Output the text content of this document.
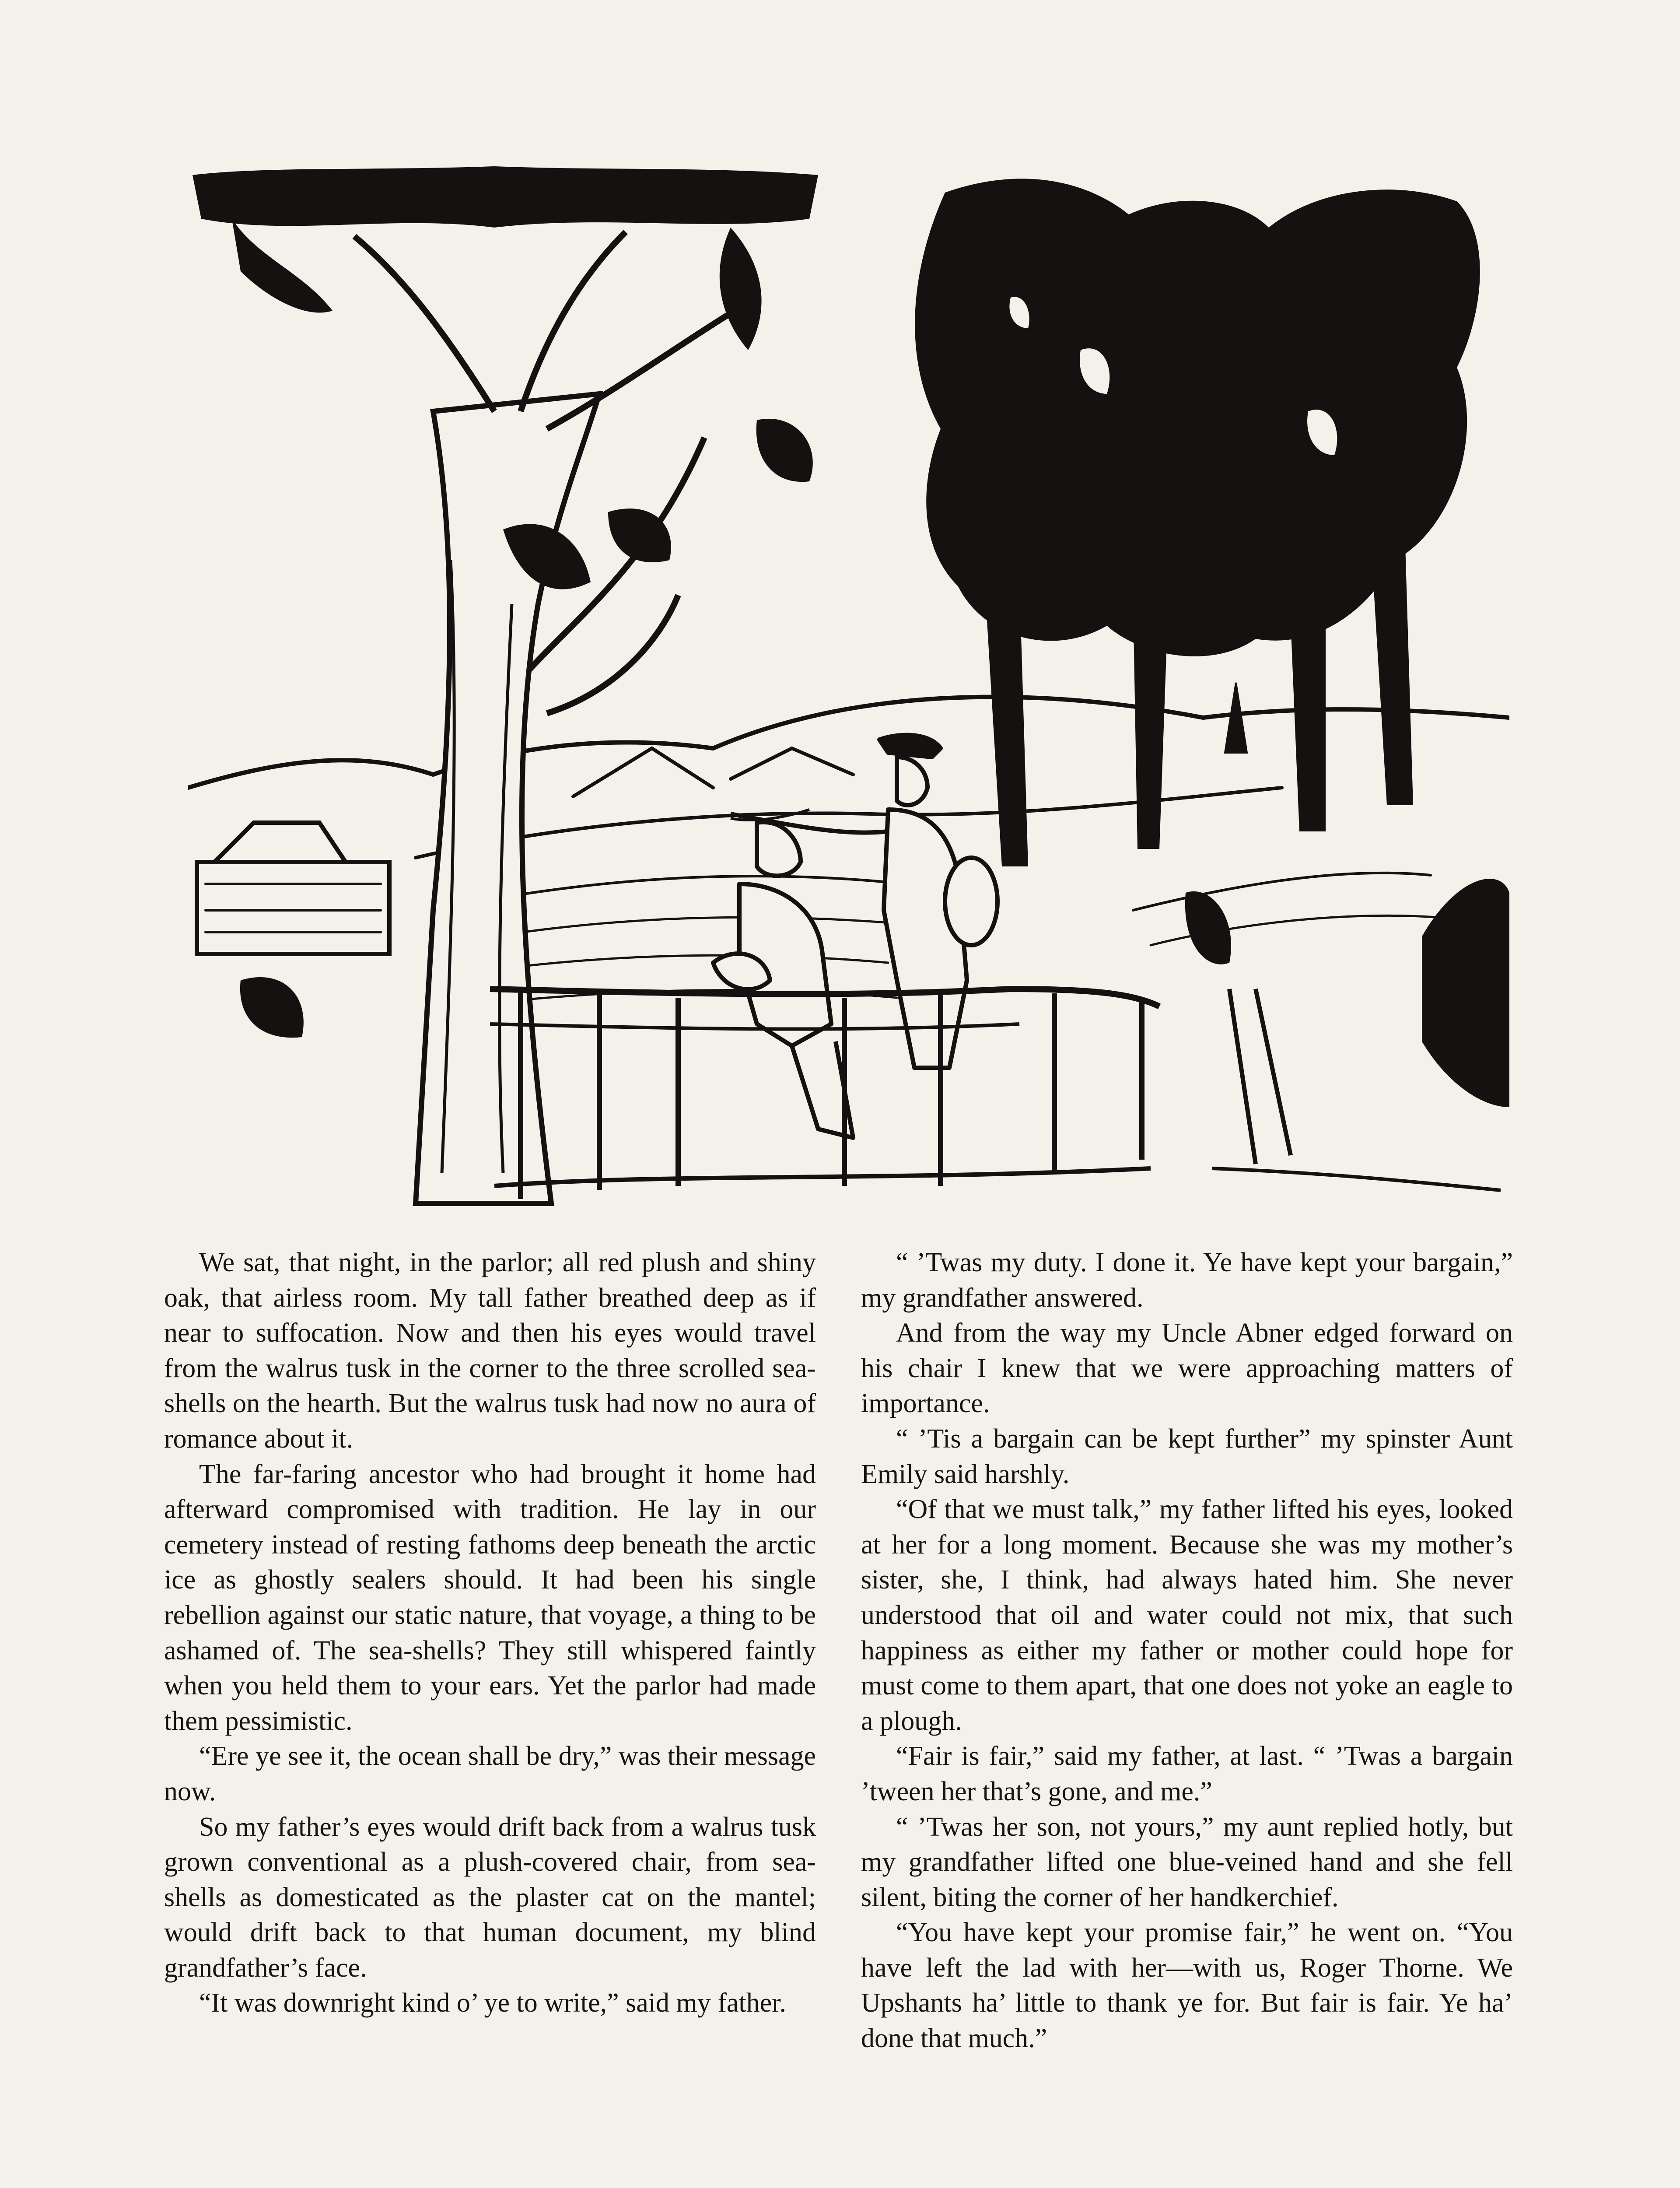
We sat, that night, in the parlor; all red plush and shiny oak, that airless room. My tall father breathed deep as if near to suffocation. Now and then his eyes would travel from the walrus tusk in the corner to the three scrolled sea-shells on the hearth. But the walrus tusk had now no aura of romance about it.

The far-faring ancestor who had brought it home had afterward compromised with tradition. He lay in our cemetery instead of resting fathoms deep beneath the arctic ice as ghostly sealers should. It had been his single rebellion against our static nature, that voyage, a thing to be ashamed of. The sea-shells? They still whispered faintly when you held them to your ears. Yet the parlor had made them pessimistic.

“Ere ye see it, the ocean shall be dry,” was their message now.

So my father’s eyes would drift back from a walrus tusk grown conventional as a plush-covered chair, from sea-shells as domesticated as the plaster cat on the mantel; would drift back to that human document, my blind grandfather’s face.

“It was downright kind o’ ye to write,” said my father.

“ ’Twas my duty. I done it. Ye have kept your bargain,” my grandfather answered.

And from the way my Uncle Abner edged forward on his chair I knew that we were approaching matters of importance.

“ ’Tis a bargain can be kept further” my spinster Aunt Emily said harshly.

“Of that we must talk,” my father lifted his eyes, looked at her for a long moment. Because she was my mother’s sister, she, I think, had always hated him. She never understood that oil and water could not mix, that such happiness as either my father or mother could hope for must come to them apart, that one does not yoke an eagle to a plough.

“Fair is fair,” said my father, at last. “ ’Twas a bargain ’tween her that’s gone, and me.”

“ ’Twas her son, not yours,” my aunt replied hotly, but my grandfather lifted one blue-veined hand and she fell silent, biting the corner of her handkerchief.

“You have kept your promise fair,” he went on. “You have left the lad with her—with us, Roger Thorne. We Upshants ha’ little to thank ye for. But fair is fair. Ye ha’ done that much.”
